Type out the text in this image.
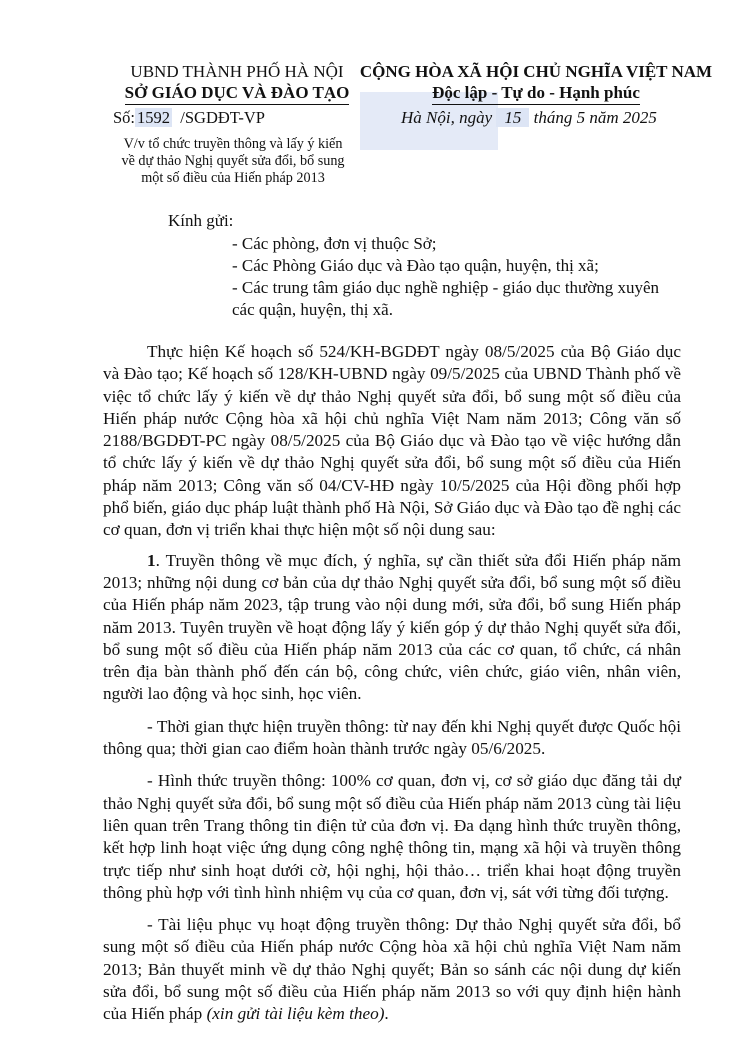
UBND THÀNH PHỐ HÀ NỘI
SỞ GIÁO DỤC VÀ ĐÀO TẠO
CỘNG HÒA XÃ HỘI CHỦ NGHĨA VIỆT NAM
Độc lập - Tự do - Hạnh phúc
Số: 1592 /SGDĐT-VP	Hà Nội, ngày 15 tháng 5 năm 2025
V/v tổ chức truyền thông và lấy ý kiến
về dự thảo Nghị quyết sửa đổi, bổ sung
một số điều của Hiến pháp 2013
Kính gửi:
- Các phòng, đơn vị thuộc Sở;
- Các Phòng Giáo dục và Đào tạo quận, huyện, thị xã;
- Các trung tâm giáo dục nghề nghiệp - giáo dục thường xuyên
các quận, huyện, thị xã.

Thực hiện Kế hoạch số 524/KH-BGDĐT ngày 08/5/2025 của Bộ Giáo dục và Đào tạo; Kế hoạch số 128/KH-UBND ngày 09/5/2025 của UBND Thành phố về việc tổ chức lấy ý kiến về dự thảo Nghị quyết sửa đổi, bổ sung một số điều của Hiến pháp nước Cộng hòa xã hội chủ nghĩa Việt Nam năm 2013; Công văn số 2188/BGDĐT-PC ngày 08/5/2025 của Bộ Giáo dục và Đào tạo về việc hướng dẫn tổ chức lấy ý kiến về dự thảo Nghị quyết sửa đổi, bổ sung một số điều của Hiến pháp năm 2013; Công văn số 04/CV-HĐ ngày 10/5/2025 của Hội đồng phối hợp phổ biến, giáo dục pháp luật thành phố Hà Nội, Sở Giáo dục và Đào tạo đề nghị các cơ quan, đơn vị triển khai thực hiện một số nội dung sau:

1. Truyền thông về mục đích, ý nghĩa, sự cần thiết sửa đổi Hiến pháp năm 2013; những nội dung cơ bản của dự thảo Nghị quyết sửa đổi, bổ sung một số điều của Hiến pháp năm 2023, tập trung vào nội dung mới, sửa đổi, bổ sung Hiến pháp năm 2013. Tuyên truyền về hoạt động lấy ý kiến góp ý dự thảo Nghị quyết sửa đổi, bổ sung một số điều của Hiến pháp năm 2013 của các cơ quan, tổ chức, cá nhân trên địa bàn thành phố đến cán bộ, công chức, viên chức, giáo viên, nhân viên, người lao động và học sinh, học viên.

- Thời gian thực hiện truyền thông: từ nay đến khi Nghị quyết được Quốc hội thông qua; thời gian cao điểm hoàn thành trước ngày 05/6/2025.

- Hình thức truyền thông: 100% cơ quan, đơn vị, cơ sở giáo dục đăng tải dự thảo Nghị quyết sửa đổi, bổ sung một số điều của Hiến pháp năm 2013 cùng tài liệu liên quan trên Trang thông tin điện tử của đơn vị. Đa dạng hình thức truyền thông, kết hợp linh hoạt việc ứng dụng công nghệ thông tin, mạng xã hội và truyền thông trực tiếp như sinh hoạt dưới cờ, hội nghị, hội thảo… triển khai hoạt động truyền thông phù hợp với tình hình nhiệm vụ của cơ quan, đơn vị, sát với từng đối tượng.

- Tài liệu phục vụ hoạt động truyền thông: Dự thảo Nghị quyết sửa đổi, bổ sung một số điều của Hiến pháp nước Cộng hòa xã hội chủ nghĩa Việt Nam năm 2013; Bản thuyết minh về dự thảo Nghị quyết; Bản so sánh các nội dung dự kiến sửa đổi, bổ sung một số điều của Hiến pháp năm 2013 so với quy định hiện hành của Hiến pháp (xin gửi tài liệu kèm theo).
